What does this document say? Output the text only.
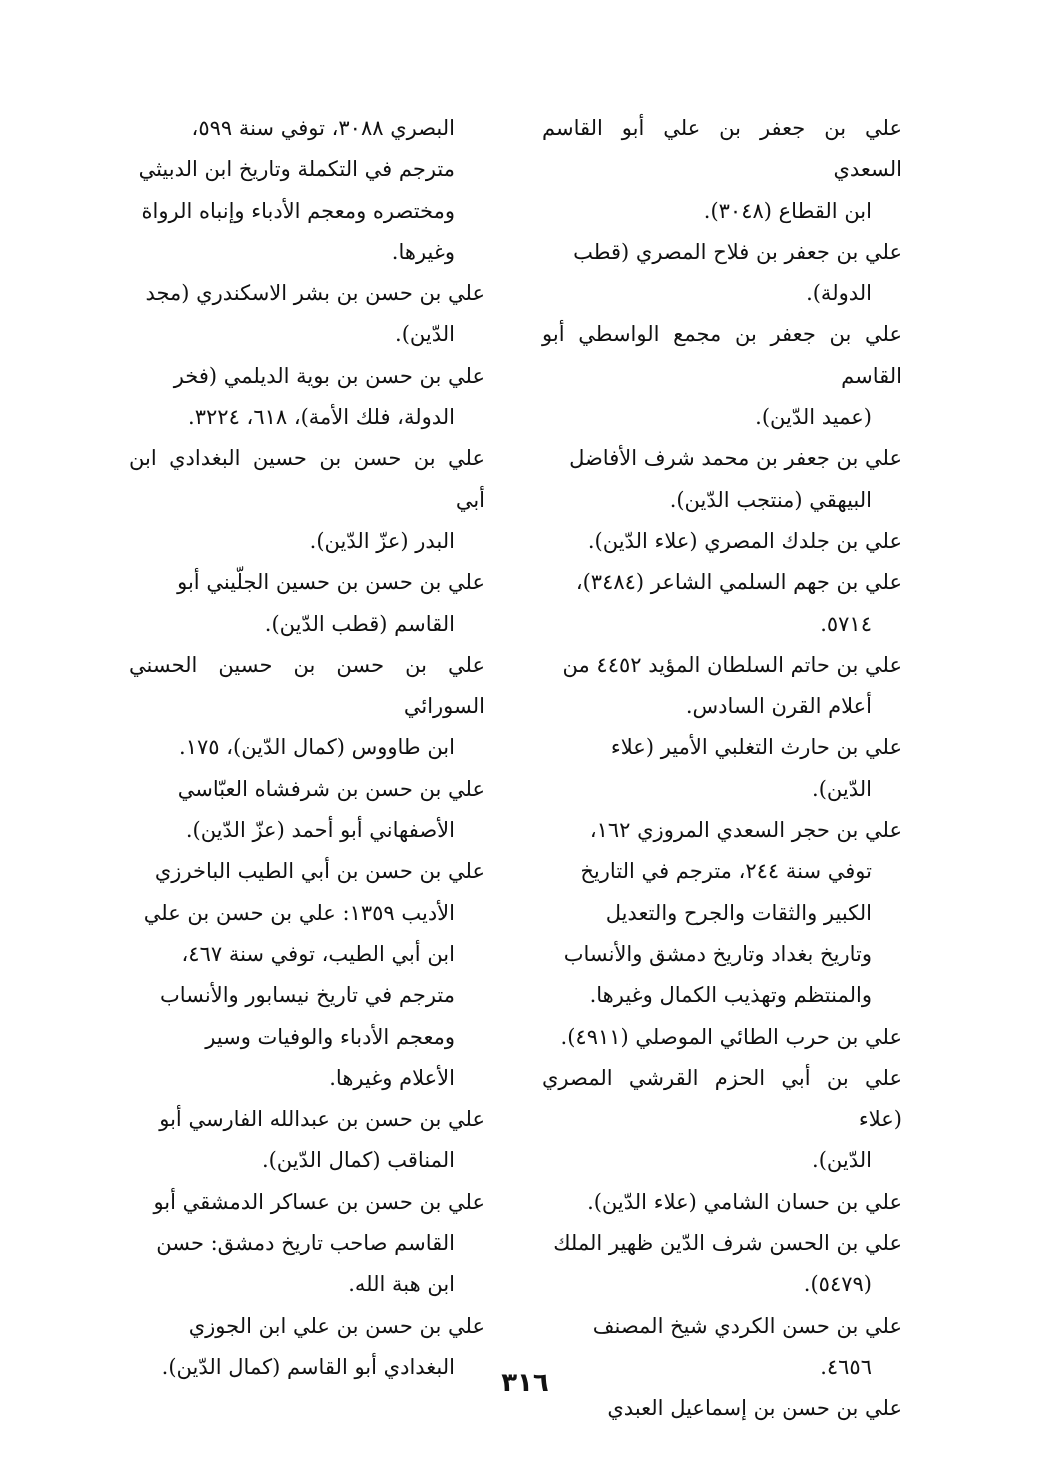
علي بن جعفر بن علي أبو القاسم السعدي
ابن القطاع (٣٠٤٨).
علي بن جعفر بن فلاح المصري (قطب
الدولة).
علي بن جعفر بن مجمع الواسطي أبو القاسم
(عميد الدّين).
علي بن جعفر بن محمد شرف الأفاضل
البيهقي (منتجب الدّين).
علي بن جلدك المصري (علاء الدّين).
علي بن جهم السلمي الشاعر (٣٤٨٤)،
٥٧١٤.
علي بن حاتم السلطان المؤيد ٤٤٥٢ من
أعلام القرن السادس.
علي بن حارث التغلبي الأمير (علاء
الدّين).
علي بن حجر السعدي المروزي ١٦٢،
توفي سنة ٢٤٤، مترجم في التاريخ
الكبير والثقات والجرح والتعديل
وتاريخ بغداد وتاريخ دمشق والأنساب
والمنتظم وتهذيب الكمال وغيرها.
علي بن حرب الطائي الموصلي (٤٩١١).
علي بن أبي الحزم القرشي المصري (علاء
الدّين).
علي بن حسان الشامي (علاء الدّين).
علي بن الحسن شرف الدّين ظهير الملك
(٥٤٧٩).
علي بن حسن الكردي شيخ المصنف
٤٦٥٦.
علي بن حسن بن إسماعيل العبدي
البصري ٣٠٨٨، توفي سنة ٥٩٩،
مترجم في التكملة وتاريخ ابن الدبيثي
ومختصره ومعجم الأدباء وإنباه الرواة
وغيرها.
علي بن حسن بن بشر الاسكندري (مجد
الدّين).
علي بن حسن بن بوية الديلمي (فخر
الدولة، فلك الأمة)، ٦١٨، ٣٢٢٤.
علي بن حسن بن حسين البغدادي ابن أبي
البدر (عزّ الدّين).
علي بن حسن بن حسين الجلّيني أبو
القاسم (قطب الدّين).
علي بن حسن بن حسين الحسني السورائي
ابن طاووس (كمال الدّين)، ١٧٥.
علي بن حسن بن شرفشاه العبّاسي
الأصفهاني أبو أحمد (عزّ الدّين).
علي بن حسن بن أبي الطيب الباخرزي
الأديب ١٣٥٩: علي بن حسن بن علي
ابن أبي الطيب، توفي سنة ٤٦٧،
مترجم في تاريخ نيسابور والأنساب
ومعجم الأدباء والوفيات وسير
الأعلام وغيرها.
علي بن حسن بن عبدالله الفارسي أبو
المناقب (كمال الدّين).
علي بن حسن بن عساكر الدمشقي أبو
القاسم صاحب تاريخ دمشق: حسن
ابن هبة الله.
علي بن حسن بن علي ابن الجوزي
البغدادي أبو القاسم (كمال الدّين).
٣١٦
